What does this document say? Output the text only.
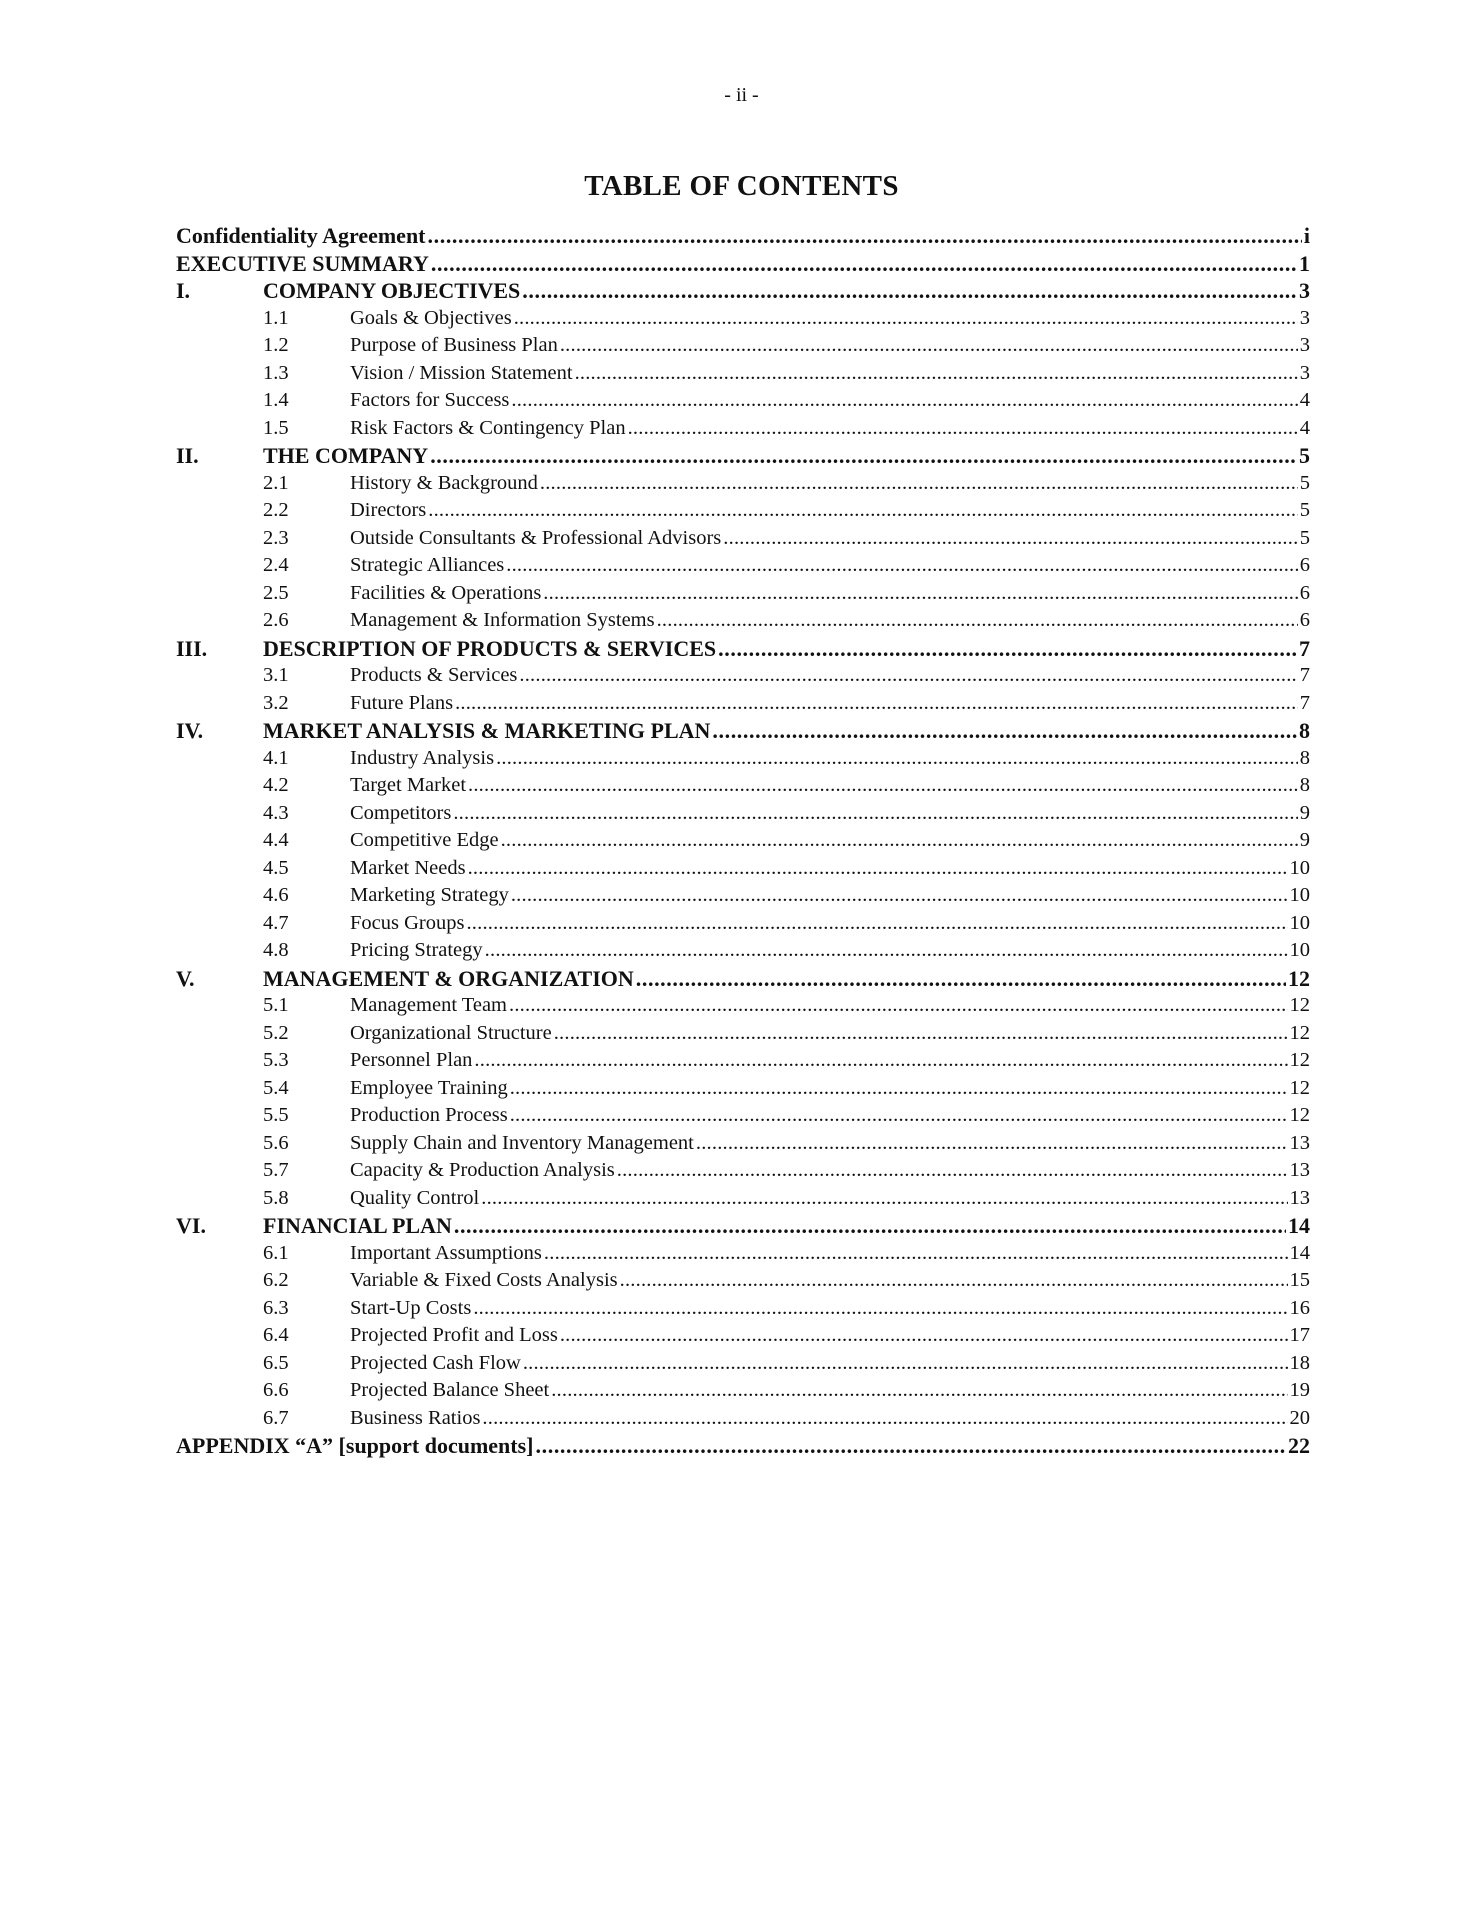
- ii -
TABLE OF CONTENTS
Confidentiality Agreement .....	i
EXECUTIVE SUMMARY .....	1
I.	COMPANY OBJECTIVES .....	3
1.1	Goals & Objectives .....	3
1.2	Purpose of Business Plan .....	3
1.3	Vision / Mission Statement .....	3
1.4	Factors for Success .....	4
1.5	Risk Factors & Contingency Plan .....	4
II.	THE COMPANY .....	5
2.1	History & Background .....	5
2.2	Directors .....	5
2.3	Outside Consultants & Professional Advisors .....	5
2.4	Strategic Alliances .....	6
2.5	Facilities & Operations .....	6
2.6	Management & Information Systems .....	6
III.	DESCRIPTION OF PRODUCTS & SERVICES .....	7
3.1	Products & Services .....	7
3.2	Future Plans .....	7
IV.	MARKET ANALYSIS & MARKETING PLAN .....	8
4.1	Industry Analysis .....	8
4.2	Target Market .....	8
4.3	Competitors .....	9
4.4	Competitive Edge .....	9
4.5	Market Needs .....	10
4.6	Marketing Strategy .....	10
4.7	Focus Groups .....	10
4.8	Pricing Strategy .....	10
V.	MANAGEMENT & ORGANIZATION .....	12
5.1	Management Team .....	12
5.2	Organizational Structure .....	12
5.3	Personnel Plan .....	12
5.4	Employee Training .....	12
5.5	Production Process .....	12
5.6	Supply Chain and Inventory Management .....	13
5.7	Capacity & Production Analysis .....	13
5.8	Quality Control .....	13
VI.	FINANCIAL PLAN .....	14
6.1	Important Assumptions .....	14
6.2	Variable & Fixed Costs Analysis .....	15
6.3	Start-Up Costs .....	16
6.4	Projected Profit and Loss .....	17
6.5	Projected Cash Flow .....	18
6.6	Projected Balance Sheet .....	19
6.7	Business Ratios .....	20
APPENDIX “A” [support documents] .....	22
